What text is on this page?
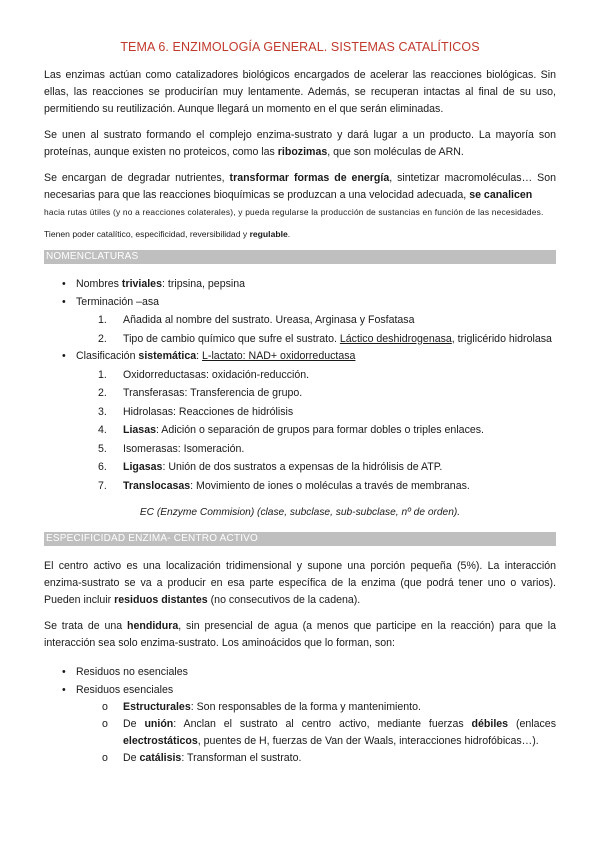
TEMA 6. ENZIMOLOGÍA GENERAL. SISTEMAS CATALÍTICOS

Las enzimas actúan como catalizadores biológicos encargados de acelerar las reacciones biológicas. Sin ellas, las reacciones se producirían muy lentamente. Además, se recuperan intactas al final de su uso, permitiendo su reutilización. Aunque llegará un momento en el que serán eliminadas.

Se unen al sustrato formando el complejo enzima-sustrato y dará lugar a un producto. La mayoría son proteínas, aunque existen no proteicos, como las ribozimas, que son moléculas de ARN.

Se encargan de degradar nutrientes, transformar formas de energía, sintetizar macromoléculas… Son necesarias para que las reacciones bioquímicas se produzcan a una velocidad adecuada, se canalicen

hacia rutas útiles (y no a reacciones colaterales), y pueda regularse la producción de sustancias en función de las necesidades.

Tienen poder catalítico, especificidad, reversibilidad y regulable.

NOMENCLATURAS
• Nombres triviales: tripsina, pepsina
• Terminación –asa
1. Añadida al nombre del sustrato. Ureasa, Arginasa y Fosfatasa
2. Tipo de cambio químico que sufre el sustrato. Láctico deshidrogenasa, triglicérido hidrolasa
• Clasificación sistemática: L-lactato: NAD+ oxidorreductasa
1. Oxidorreductasas: oxidación-reducción.
2. Transferasas: Transferencia de grupo.
3. Hidrolasas: Reacciones de hidrólisis
4. Liasas: Adición o separación de grupos para formar dobles o triples enlaces.
5. Isomerasas: Isomeración.
6. Ligasas: Unión de dos sustratos a expensas de la hidrólisis de ATP.
7. Translocasas: Movimiento de iones o moléculas a través de membranas.

EC (Enzyme Commision) (clase, subclase, sub-subclase, nº de orden).

ESPECIFICIDAD ENZIMA- CENTRO ACTIVO

El centro activo es una localización tridimensional y supone una porción pequeña (5%). La interacción enzima-sustrato se va a producir en esa parte específica de la enzima (que podrá tener uno o varios). Pueden incluir residuos distantes (no consecutivos de la cadena).

Se trata de una hendidura, sin presencial de agua (a menos que participe en la reacción) para que la interacción sea solo enzima-sustrato. Los aminoácidos que lo forman, son:

• Residuos no esenciales
• Residuos esenciales
o Estructurales: Son responsables de la forma y mantenimiento.
o De unión: Anclan el sustrato al centro activo, mediante fuerzas débiles (enlaces electrostáticos, puentes de H, fuerzas de Van der Waals, interacciones hidrofóbicas…).
o De catálisis: Transforman el sustrato.
